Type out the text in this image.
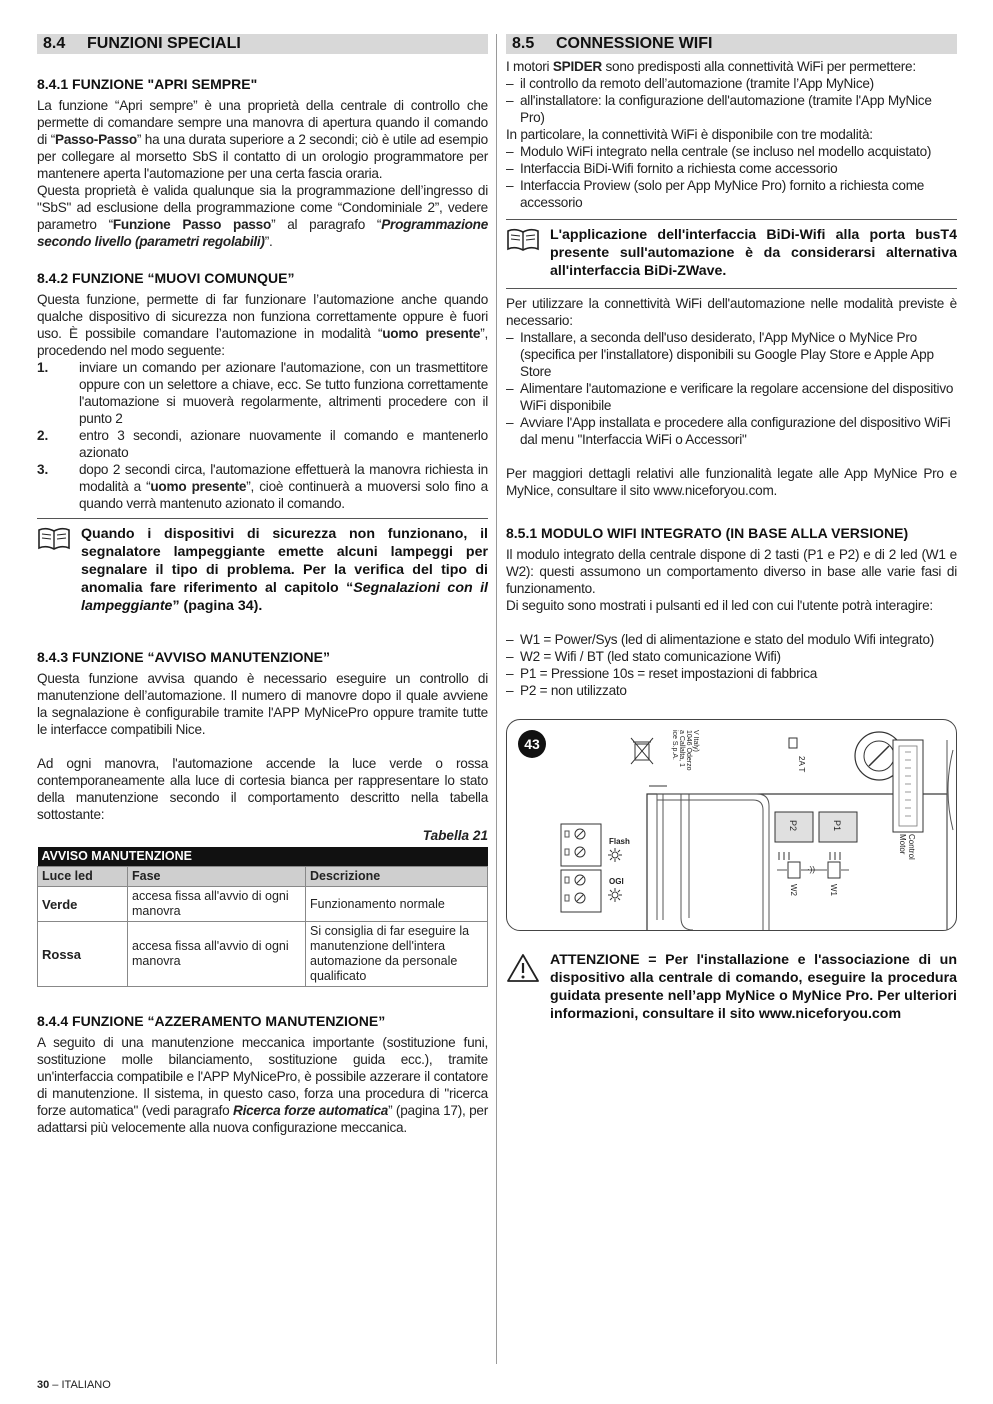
8.4 FUNZIONI SPECIALI
8.4.1 FUNZIONE "APRI SEMPRE"

La funzione “Apri sempre” è una proprietà della centrale di controllo che permette di comandare sempre una manovra di apertura quando il comando di “Passo-Passo” ha una durata superiore a 2 secondi; ciò è utile ad esempio per collegare al morsetto SbS il contatto di un orologio programmatore per mantenere aperta l'automazione per una certa fascia oraria.

Questa proprietà è valida qualunque sia la programmazione dell’ingresso di "SbS" ad esclusione della programmazione come “Condominiale 2”, vedere parametro “Funzione Passo passo” al paragrafo “Programmazione secondo livello (parametri regolabili)”.

8.4.2 FUNZIONE “MUOVI COMUNQUE”

Questa funzione, permette di far funzionare l’automazione anche quando qualche dispositivo di sicurezza non funziona correttamente oppure è fuori uso. È possibile comandare l’automazione in modalità “uomo presente”, procedendo nel modo seguente:

1.	inviare un comando per azionare l'automazione, con un trasmettitore oppure con un selettore a chiave, ecc. Se tutto funziona correttamente l'automazione si muoverà regolarmente, altrimenti procedere con il punto 2
2.	entro 3 secondi, azionare nuovamente il comando e mantenerlo azionato
3.	dopo 2 secondi circa, l'automazione effettuerà la manovra richiesta in modalità a “uomo presente”, cioè continuerà a muoversi solo fino a quando verrà mantenuto azionato il comando.
Quando i dispositivi di sicurezza non funzionano, il segnalatore lampeggiante emette alcuni lampeggi per segnalare il tipo di problema. Per la verifica del tipo di anomalia fare riferimento al capitolo “Segnalazioni con il lampeggiante” (pagina 34).
8.4.3 FUNZIONE “AVVISO MANUTENZIONE”

Questa funzione avvisa quando è necessario eseguire un controllo di manutenzione dell’automazione. Il numero di manovre dopo il quale avviene la segnalazione è configurabile tramite l'APP MyNicePro oppure tramite tutte le interfacce compatibili Nice.

Ad ogni manovra, l'automazione accende la luce verde o rossa contemporaneamente alla luce di cortesia bianca per rappresentare lo stato della manutenzione secondo il comportamento descritto nella tabella sottostante:

Tabella 21
AVVISO MANUTENZIONE		
Luce led	Fase	Descrizione
Verde	accesa fissa all'avvio di ogni manovra	Funzionamento normale
Rossa	accesa fissa all'avvio di ogni manovra	Si consiglia di far eseguire la manutenzione dell'intera automazione da personale qualificato
8.4.4 FUNZIONE “AZZERAMENTO MANUTENZIONE”

A seguito di una manutenzione meccanica importante (sostituzione funi, sostituzione molle bilanciamento, sostituzione guida ecc.), tramite un'interfaccia compatibile e l'APP MyNicePro, è possibile azzerare il contatore di manutenzione. Il sistema, in questo caso, forza una procedura di "ricerca forze automatica" (vedi paragrafo Ricerca forze automatica” (pagina 17), per adattarsi più velocemente alla nuova configurazione meccanica.

8.5 CONNESSIONE WIFI

I motori SPIDER sono predisposti alla connettività WiFi per permettere:

– il controllo da remoto dell’automazione (tramite l’App MyNice)
– all'installatore: la configurazione dell'automazione (tramite l'App MyNice Pro)

In particolare, la connettività WiFi è disponibile con tre modalità:

– Modulo WiFi integrato nella centrale (se incluso nel modello acquistato)
– Interfaccia BiDi-Wifi fornito a richiesta come accessorio
– Interfaccia Proview (solo per App MyNice Pro) fornito a richiesta come accessorio
L'applicazione dell'interfaccia BiDi-Wifi alla porta busT4 presente sull'automazione è da considerarsi alternativa all'interfaccia BiDi-ZWave.

Per utilizzare la connettività WiFi dell'automazione nelle modalità previste è necessario:

– Installare, a seconda dell'uso desiderato, l'App MyNice o MyNice Pro (specifica per l'installatore) disponibili su Google Play Store e Apple App Store
– Alimentare l'automazione e verificare la regolare accensione del dispositivo WiFi disponibile
– Avviare l'App installata e procedere alla configurazione del dispositivo WiFi dal menu "Interfaccia WiFi o Accessori"

Per maggiori dettagli relativi alle funzionalità legate alle App MyNice Pro e MyNice, consultare il sito www.niceforyou.com.

8.5.1 MODULO WIFI INTEGRATO (IN BASE ALLA VERSIONE)

Il modulo integrato della centrale dispone di 2 tasti (P1 e P2) e di 2 led (W1 e W2): questi assumono un comportamento diverso in base alle varie fasi di funzionamento.

Di seguito sono mostrati i pulsanti ed il led con cui l'utente potrà interagire:

– W1 = Power/Sys (led di alimentazione e stato del modulo Wifi integrato)
– W2 = Wifi / BT (led stato comunicazione Wifi)
– P1 = Pressione 10s = reset impostazioni di fabbrica
– P2 = non utilizzato
43	ice S.p.A. a Callalta, 1 1046 Oderzo V Italy)
2A T
Motor Control
P2	P1
·))
W2	W1
Flash
OGI
ATTENZIONE = Per l'installazione e l'associazione di un dispositivo alla centrale di comando, eseguire la procedura guidata presente nell’app MyNice o MyNice Pro. Per ulteriori informazioni, consultare il sito www.niceforyou.com
30 – ITALIANO
